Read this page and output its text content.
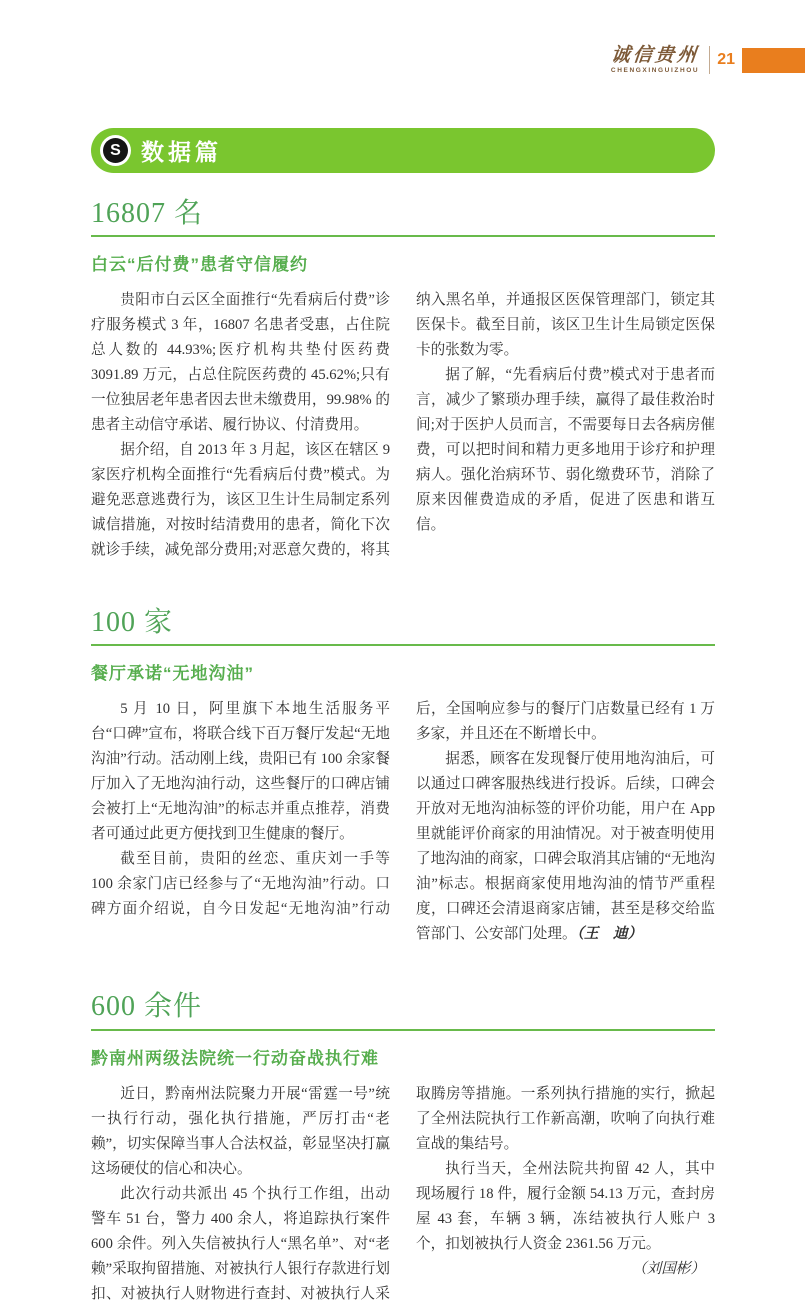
诚信贵州
CHENGXINGUIZHOU
21
S 数据篇
16807 名
白云“后付费”患者守信履约

贵阳市白云区全面推行“先看病后付费”诊疗服务模式 3 年，16807 名患者受惠，占住院总人数的 44.93%;医疗机构共垫付医药费 3091.89 万元，占总住院医药费的 45.62%;只有一位独居老年患者因去世未缴费用，99.98% 的患者主动信守承诺、履行协议、付清费用。

据介绍，自 2013 年 3 月起，该区在辖区 9 家医疗机构全面推行“先看病后付费”模式。为避免恶意逃费行为，该区卫生计生局制定系列诚信措施，对按时结清费用的患者，简化下次就诊手续，减免部分费用;对恶意欠费的，将其纳入黑名单，并通报区医保管理部门，锁定其医保卡。截至目前，该区卫生计生局锁定医保卡的张数为零。

据了解，“先看病后付费”模式对于患者而言，减少了繁琐办理手续，赢得了最佳救治时间;对于医护人员而言，不需要每日去各病房催费，可以把时间和精力更多地用于诊疗和护理病人。强化治病环节、弱化缴费环节，消除了原来因催费造成的矛盾，促进了医患和谐互信。

100 家
餐厅承诺“无地沟油”

5 月 10 日，阿里旗下本地生活服务平台“口碑”宣布，将联合线下百万餐厅发起“无地沟油”行动。活动刚上线，贵阳已有 100 余家餐厅加入了无地沟油行动，这些餐厅的口碑店铺会被打上“无地沟油”的标志并重点推荐，消费者可通过此更方便找到卫生健康的餐厅。

截至目前，贵阳的丝恋、重庆刘一手等 100 余家门店已经参与了“无地沟油”行动。口碑方面介绍说，自今日发起“无地沟油”行动后，全国响应参与的餐厅门店数量已经有 1 万多家，并且还在不断增长中。

据悉，顾客在发现餐厅使用地沟油后，可以通过口碑客服热线进行投诉。后续，口碑会开放对无地沟油标签的评价功能，用户在 App 里就能评价商家的用油情况。对于被查明使用了地沟油的商家，口碑会取消其店铺的“无地沟油”标志。根据商家使用地沟油的情节严重程度，口碑还会清退商家店铺，甚至是移交给监管部门、公安部门处理。（王　迪）

600 余件
黔南州两级法院统一行动奋战执行难

近日，黔南州法院聚力开展“雷霆一号”统一执行行动，强化执行措施，严厉打击“老赖”，切实保障当事人合法权益，彰显坚决打赢这场硬仗的信心和决心。

此次行动共派出 45 个执行工作组，出动警车 51 台，警力 400 余人，将追踪执行案件 600 余件。列入失信被执行人“黑名单”、对“老赖”采取拘留措施、对被执行人银行存款进行划扣、对被执行人财物进行查封、对被执行人采取腾房等措施。一系列执行措施的实行，掀起了全州法院执行工作新高潮，吹响了向执行难宣战的集结号。

执行当天，全州法院共拘留 42 人，其中现场履行 18 件，履行金额 54.13 万元，查封房屋 43 套，车辆 3 辆，冻结被执行人账户 3 个，扣划被执行人资金 2361.56 万元。

（刘国彬）
